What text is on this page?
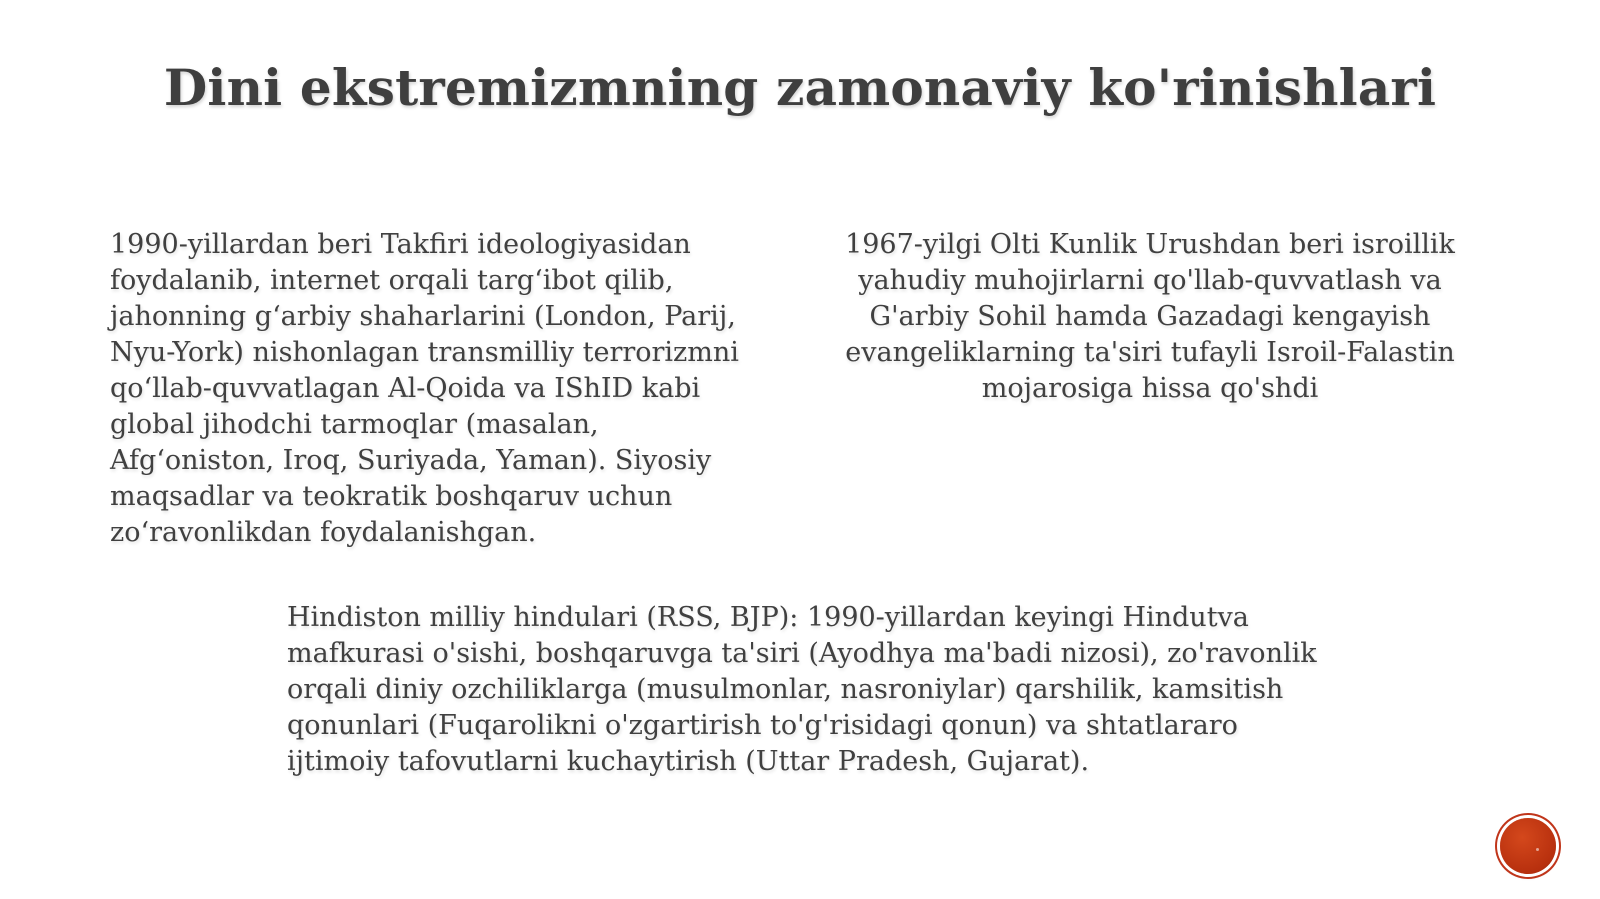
Dini ekstremizmning zamonaviy ko'rinishlari

1990-yillardan beri Takfiri ideologiyasidan foydalanib, internet orqali targ‘ibot qilib, jahonning g‘arbiy shaharlarini (London, Parij, Nyu-York) nishonlagan transmilliy terrorizmni qo‘llab-quvvatlagan Al-Qoida va IShID kabi global jihodchi tarmoqlar (masalan, Afg‘oniston, Iroq, Suriyada, Yaman). Siyosiy maqsadlar va teokratik boshqaruv uchun zo‘ravonlikdan foydalanishgan.

1967-yilgi Olti Kunlik Urushdan beri isroillik yahudiy muhojirlarni qo'llab-quvvatlash va G'arbiy Sohil hamda Gazadagi kengayish evangeliklarning ta'siri tufayli Isroil-Falastin mojarosiga hissa qo'shdi

Hindiston milliy hindulari (RSS, BJP): 1990-yillardan keyingi Hindutva mafkurasi o'sishi, boshqaruvga ta'siri (Ayodhya ma'badi nizosi), zo'ravonlik orqali diniy ozchiliklarga (musulmonlar, nasroniylar) qarshilik, kamsitish qonunlari (Fuqarolikni o'zgartirish to'g'risidagi qonun) va shtatlararo ijtimoiy tafovutlarni kuchaytirish (Uttar Pradesh, Gujarat).
